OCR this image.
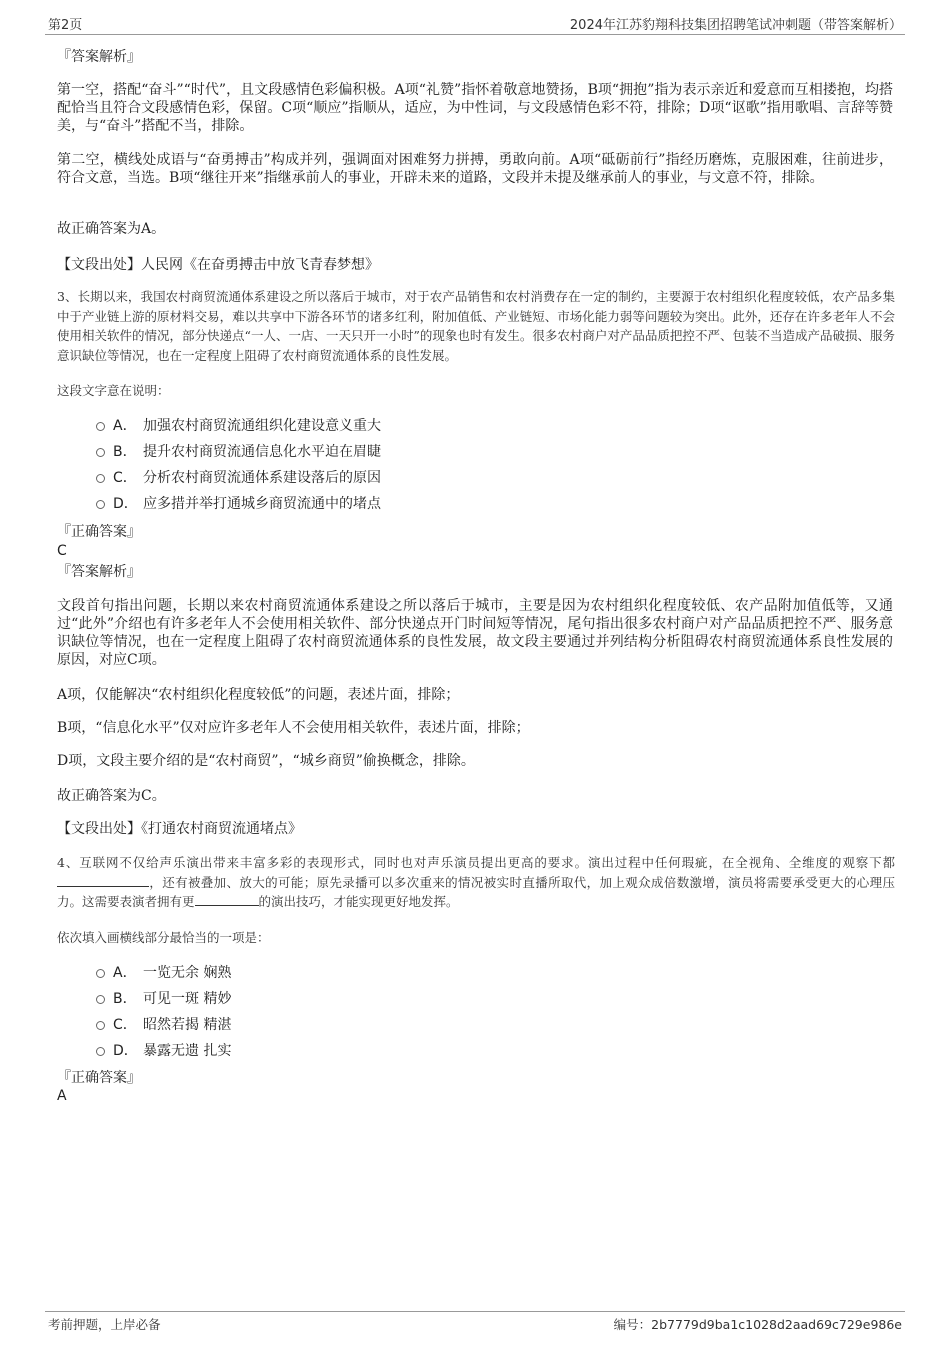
第2页	2024年江苏豹翔科技集团招聘笔试冲刺题（带答案解析）
『答案解析』

第一空，搭配“奋斗”“时代”，且文段感情色彩偏积极。A项“礼赞”指怀着敬意地赞扬，B项“拥抱”指为表示亲近和爱意而互相搂抱，均搭配恰当且符合文段感情色彩，保留。C项“顺应”指顺从，适应，为中性词，与文段感情色彩不符，排除；D项“讴歌”指用歌唱、言辞等赞美，与“奋斗”搭配不当，排除。

第二空，横线处成语与“奋勇搏击”构成并列，强调面对困难努力拼搏，勇敢向前。A项“砥砺前行”指经历磨炼，克服困难，往前进步，符合文意，当选。B项“继往开来”指继承前人的事业，开辟未来的道路，文段并未提及继承前人的事业，与文意不符，排除。

故正确答案为A。
【文段出处】人民网《在奋勇搏击中放飞青春梦想》

3、长期以来，我国农村商贸流通体系建设之所以落后于城市，对于农产品销售和农村消费存在一定的制约，主要源于农村组织化程度较低，农产品多集中于产业链上游的原材料交易，难以共享中下游各环节的诸多红利，附加值低、产业链短、市场化能力弱等问题较为突出。此外，还存在许多老年人不会使用相关软件的情况，部分快递点“一人、一店、一天只开一小时”的现象也时有发生。很多农村商户对产品品质把控不严、包装不当造成产品破损、服务意识缺位等情况，也在一定程度上阻碍了农村商贸流通体系的良性发展。

这段文字意在说明：
A． 加强农村商贸流通组织化建设意义重大
B． 提升农村商贸流通信息化水平迫在眉睫
C． 分析农村商贸流通体系建设落后的原因
D． 应多措并举打通城乡商贸流通中的堵点
『正确答案』
C
『答案解析』

文段首句指出问题，长期以来农村商贸流通体系建设之所以落后于城市，主要是因为农村组织化程度较低、农产品附加值低等，又通过“此外”介绍也有许多老年人不会使用相关软件、部分快递点开门时间短等情况，尾句指出很多农村商户对产品品质把控不严、服务意识缺位等情况，也在一定程度上阻碍了农村商贸流通体系的良性发展，故文段主要通过并列结构分析阻碍农村商贸流通体系良性发展的原因，对应C项。

A项，仅能解决“农村组织化程度较低”的问题，表述片面，排除；
B项，“信息化水平”仅对应许多老年人不会使用相关软件，表述片面，排除；
D项，文段主要介绍的是“农村商贸”，“城乡商贸”偷换概念，排除。
故正确答案为C。
【文段出处】《打通农村商贸流通堵点》

4、互联网不仅给声乐演出带来丰富多彩的表现形式，同时也对声乐演员提出更高的要求。演出过程中任何瑕疵，在全视角、全维度的观察下都，还有被叠加、放大的可能；原先录播可以多次重来的情况被实时直播所取代，加上观众成倍数激增，演员将需要承受更大的心理压力。这需要表演者拥有更	的演出技巧，才能实现更好地发挥。

依次填入画横线部分最恰当的一项是：
A． 一览无余 娴熟
B． 可见一斑 精妙
C． 昭然若揭 精湛
D． 暴露无遗 扎实
『正确答案』
A
考前押题，上岸必备	编号：2b7779d9ba1c1028d2aad69c729e986e
